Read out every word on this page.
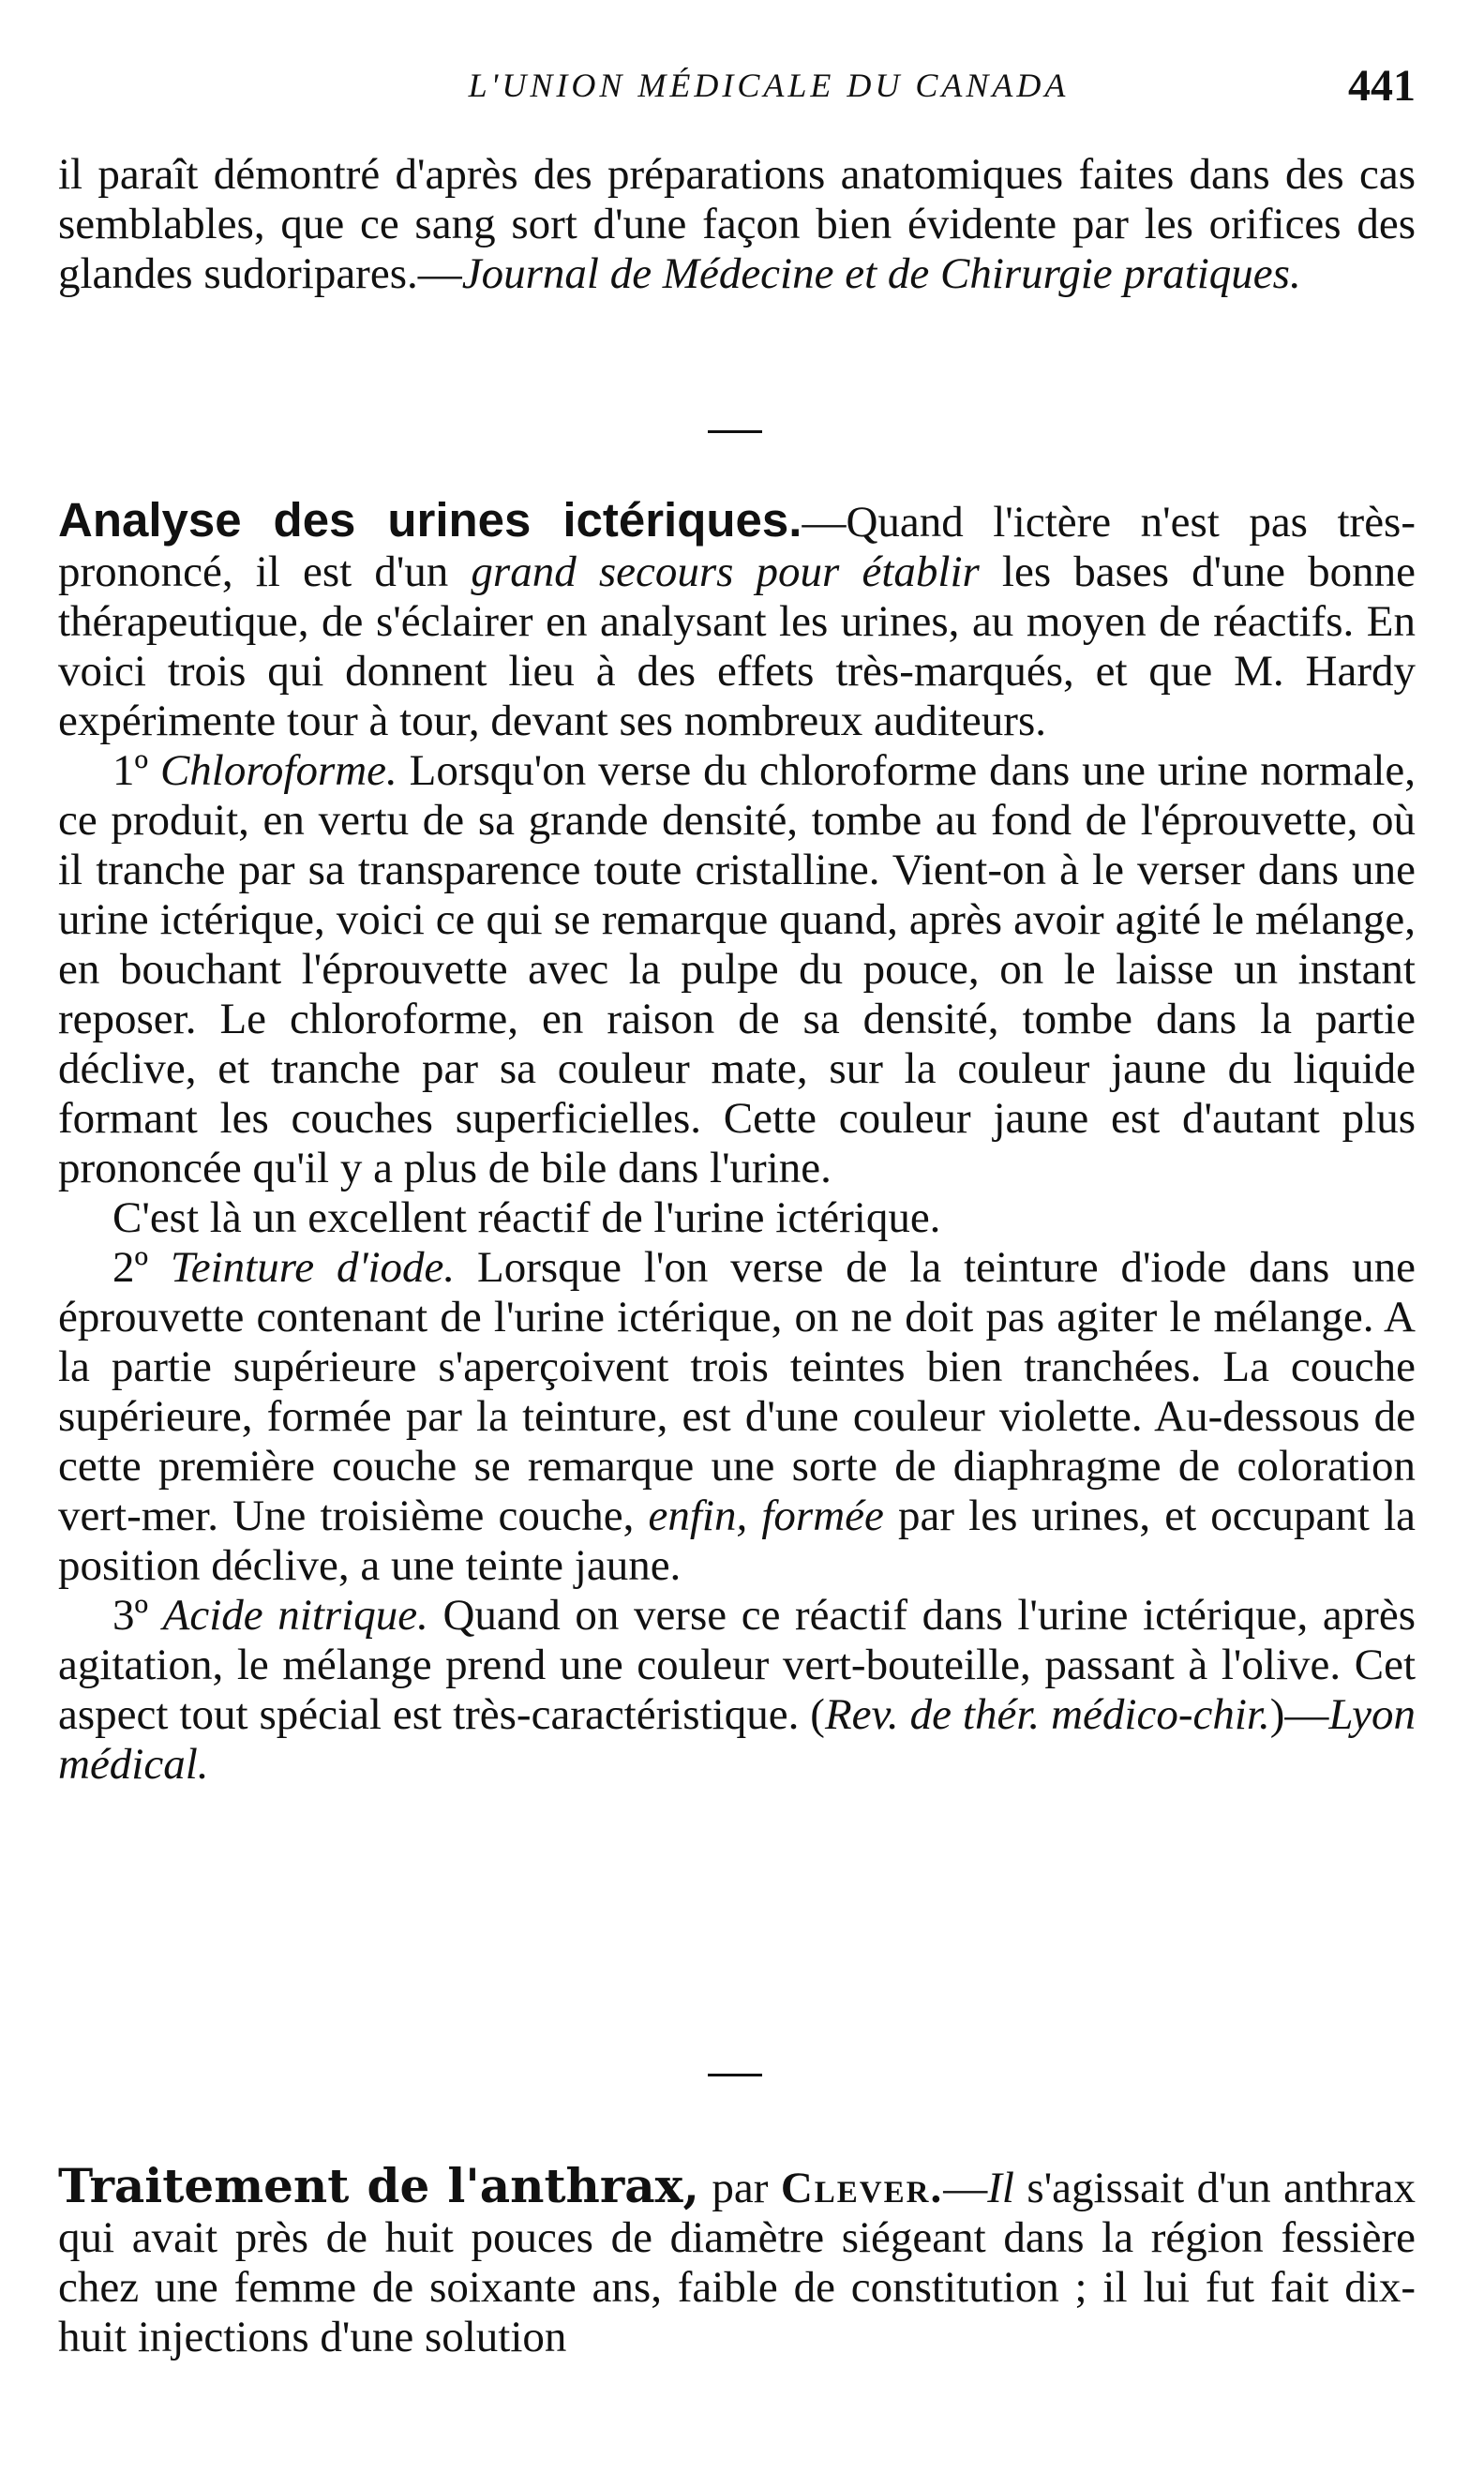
L'UNION MÉDICALE DU CANADA	441

il paraît démontré d'après des préparations anatomiques faites dans des cas semblables, que ce sang sort d'une façon bien évidente par les orifices des glandes sudoripares.—Journal de Médecine et de Chirurgie pratiques.

Analyse des urines ictériques.—Quand l'ictère n'est pas très-prononcé, il est d'un grand secours pour établir les bases d'une bonne thérapeutique, de s'éclairer en analysant les urines, au moyen de réactifs. En voici trois qui donnent lieu à des effets très-marqués, et que M. Hardy expérimente tour à tour, devant ses nombreux auditeurs.

1º Chloroforme. Lorsqu'on verse du chloroforme dans une urine normale, ce produit, en vertu de sa grande densité, tombe au fond de l'éprouvette, où il tranche par sa transparence toute cristalline. Vient-on à le verser dans une urine ictérique, voici ce qui se remarque quand, après avoir agité le mélange, en bouchant l'éprouvette avec la pulpe du pouce, on le laisse un instant reposer. Le chloroforme, en raison de sa densité, tombe dans la partie déclive, et tranche par sa couleur mate, sur la couleur jaune du liquide formant les couches superficielles. Cette couleur jaune est d'autant plus prononcée qu'il y a plus de bile dans l'urine.

C'est là un excellent réactif de l'urine ictérique.

2º Teinture d'iode. Lorsque l'on verse de la teinture d'iode dans une éprouvette contenant de l'urine ictérique, on ne doit pas agiter le mélange. A la partie supérieure s'aperçoivent trois teintes bien tranchées. La couche supérieure, formée par la teinture, est d'une couleur violette. Au-dessous de cette première couche se remarque une sorte de diaphragme de coloration vert-mer. Une troisième couche, enfin, formée par les urines, et occupant la position déclive, a une teinte jaune.

3º Acide nitrique. Quand on verse ce réactif dans l'urine ictérique, après agitation, le mélange prend une couleur vert-bouteille, passant à l'olive. Cet aspect tout spécial est très-caractéristique. (Rev. de thér. médico-chir.)—Lyon médical.

Traitement de l'anthrax, par Clever.—Il s'agissait d'un anthrax qui avait près de huit pouces de diamètre siégeant dans la région fessière chez une femme de soixante ans, faible de constitution ; il lui fut fait dix-huit injections d'une solution
